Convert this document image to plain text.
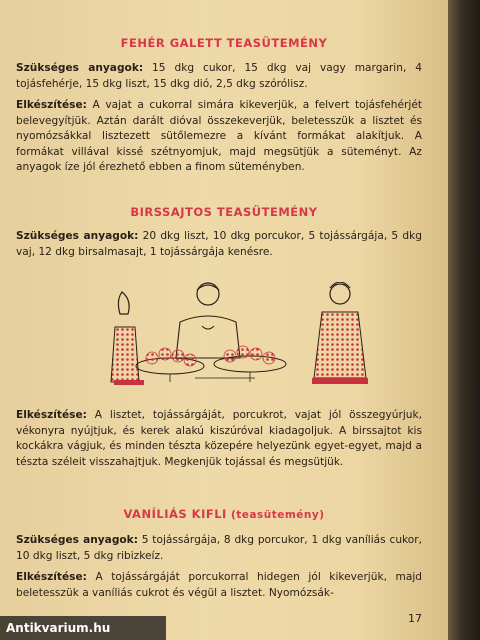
FEHÉR GALETT TEASÜTEMÉNY
Szükséges anyagok: 15 dkg cukor, 15 dkg vaj vagy margarin, 4 tojásfehérje, 15 dkg liszt, 15 dkg dió, 2,5 dkg szórólisz.
Elkészítése: A vajat a cukorral simára kikeverjük, a felvert tojásfehérjét belevegyítjük. Aztán darált dióval összekeverjük, beletesszük a lisztet és nyomózsákkal lisztezett sütőlemezre a kívánt formákat alakítjuk. A formákat villával kissé szétnyomjuk, majd megsütjük a süteményt. Az anyagok íze jól érezhető ebben a finom süteményben.
BIRSSAJTOS TEASÜTEMÉNY
Szükséges anyagok: 20 dkg liszt, 10 dkg porcukor, 5 tojássárgája, 5 dkg vaj, 12 dkg birsalmasajt, 1 tojássárgája kenésre.
Elkészítése: A lisztet, tojássárgáját, porcukrot, vajat jól összegyúrjuk, vékonyra nyújtjuk, és kerek alakú kiszúróval kiadagoljuk. A birssajtot kis kockákra vágjuk, és minden tészta közepére helyezünk egyet-egyet, majd a tészta széleit visszahajtjuk. Megkenjük tojással és megsütjük.
VANÍLIÁS KIFLI (teasütemény)
Szükséges anyagok: 5 tojássárgája, 8 dkg porcukor, 1 dkg vaníliás cukor, 10 dkg liszt, 5 dkg ribizkeíz.
Elkészítése: A tojássárgáját porcukorral hidegen jól kikeverjük, majd beletesszük a vaníliás cukrot és végül a lisztet. Nyomózsák-
17
Antikvarium.hu
